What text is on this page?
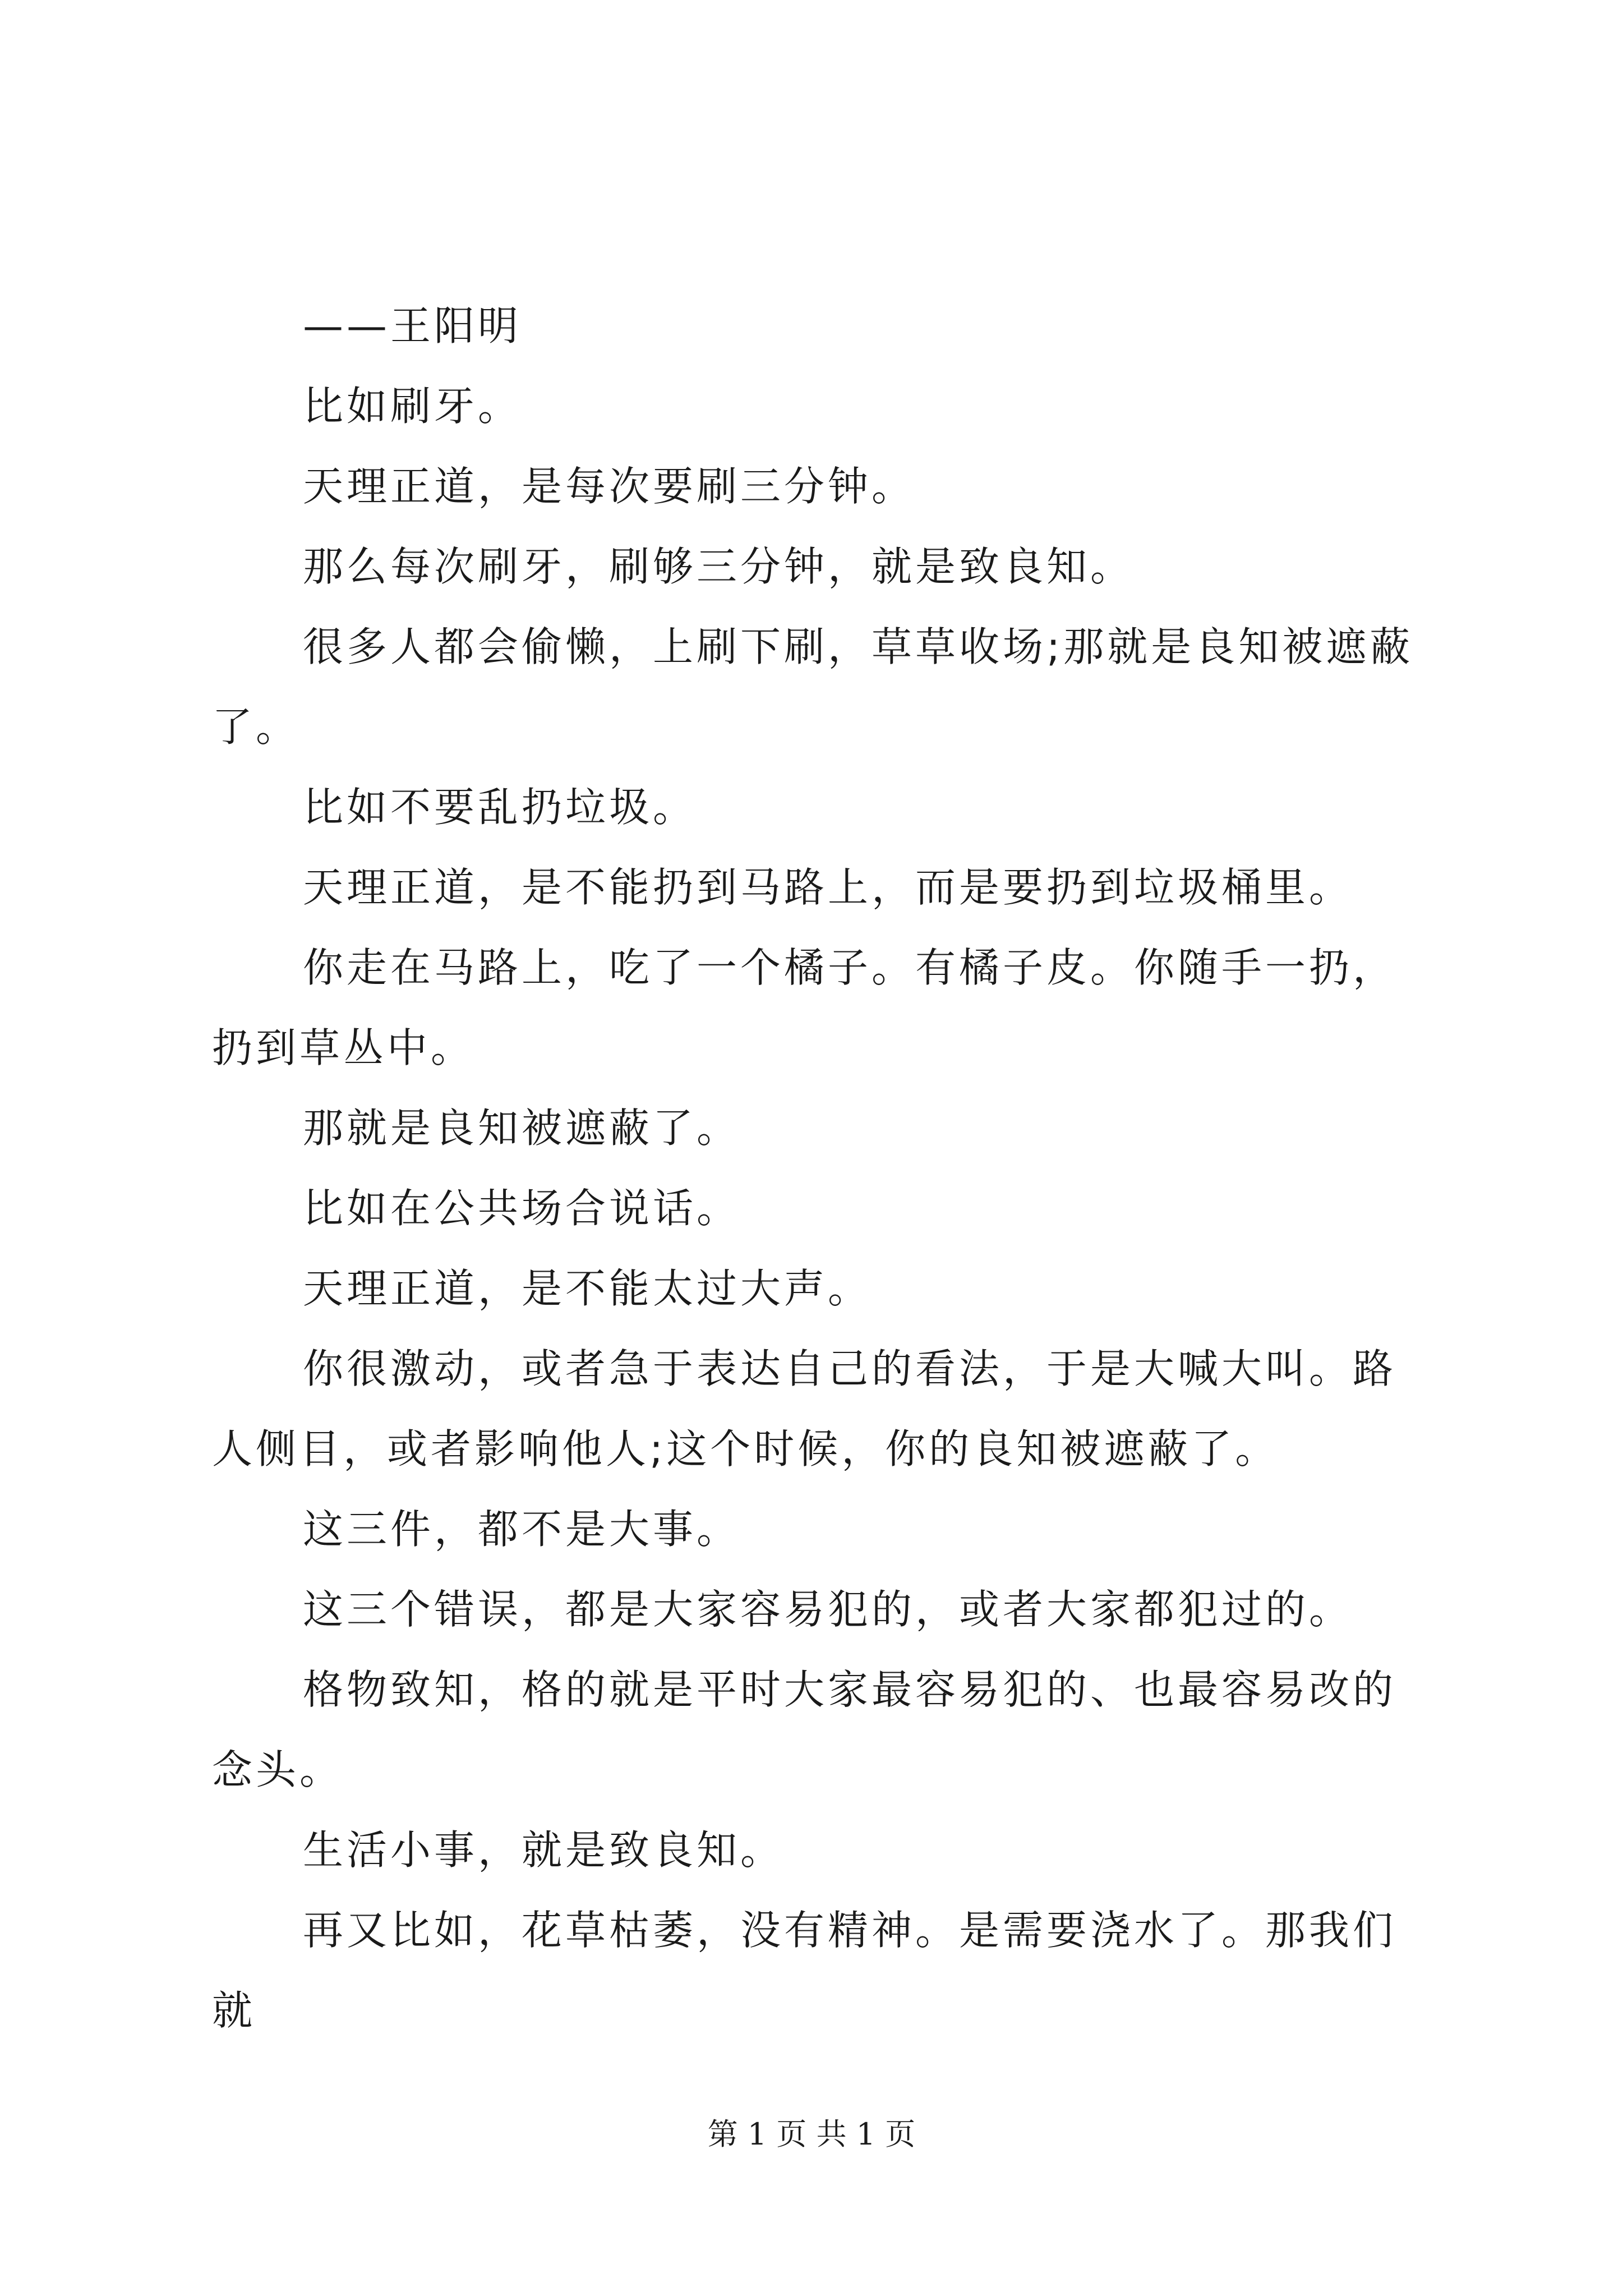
——王阳明

比如刷牙。

天理正道，是每次要刷三分钟。

那么每次刷牙，刷够三分钟，就是致良知。

很多人都会偷懒，上刷下刷，草草收场;那就是良知被遮蔽了。

比如不要乱扔垃圾。

天理正道，是不能扔到马路上，而是要扔到垃圾桶里。

你走在马路上，吃了一个橘子。有橘子皮。你随手一扔，扔到草丛中。

那就是良知被遮蔽了。

比如在公共场合说话。

天理正道，是不能太过大声。

你很激动，或者急于表达自己的看法，于是大喊大叫。路人侧目，或者影响他人;这个时候，你的良知被遮蔽了。

这三件，都不是大事。

这三个错误，都是大家容易犯的，或者大家都犯过的。

格物致知，格的就是平时大家最容易犯的、也最容易改的念头。

生活小事，就是致良知。

再又比如，花草枯萎，没有精神。是需要浇水了。那我们就

第 1 页 共 1 页
